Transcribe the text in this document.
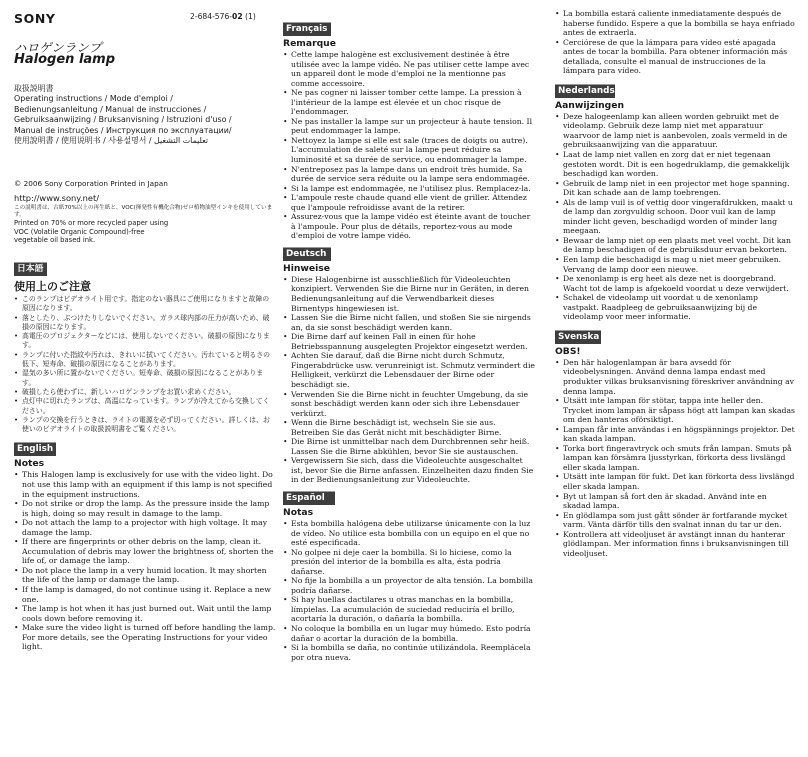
SONY	2-684-576-02 (1)
ハロゲンランプ
Halogen lamp
取扱説明書
Operating instructions / Mode d'emploi /
Bedienungsanleitung / Manual de instrucciones /
Gebruiksaanwijzing / Bruksanvisning / Istruzioni d'uso /
Manual de instruções / Инструкция по эксплуатации/
使用說明書 / 使用说明书 / 사용설명서 / تعليمات التشغيل
© 2006 Sony Corporation Printed in Japan
http://www.sony.net/
この説明書は、古紙70%以上の再生紙と、VOC(揮発性有機化合物)ゼロ植物油型インキを使用しています。
Printed on 70% or more recycled paper using
VOC (Volatile Organic Compound)-free
vegetable oil based ink.
日本語
使用上のご注意
• このランプはビデオライト用です。指定のない器具にご使用になりますと故障の原因になります。
• 落としたり、ぶつけたりしないでください。ガラス球内部の圧力が高いため、破損の原因になります。
• 高電圧のプロジェクターなどには、使用しないでください。破損の原因になります。
• ランプに付いた指紋や汚れは、きれいに拭いてください。汚れていると明るさの低下、短寿命、破損の原因になることがあります。
• 湿気の多い所に置かないでください。短寿命、破損の原因になることがあります。
• 破損したら使わずに、新しいハロゲンランプをお買い求めください。
• 点灯中に切れたランプは、高温になっています。ランプが冷えてから交換してください。
• ランプの交換を行うときは、ライトの電源を必ず切ってください。詳しくは、お使いのビデオライトの取扱説明書をご覧ください。
English
Notes
• This Halogen lamp is exclusively for use with the video light. Do not use this lamp with an equipment if this lamp is not specified in the equipment instructions.
• Do not strike or drop the lamp. As the pressure inside the lamp is high, doing so may result in damage to the lamp.
• Do not attach the lamp to a projector with high voltage. It may damage the lamp.
• If there are fingerprints or other debris on the lamp, clean it. Accumulation of debris may lower the brightness of, shorten the life of, or damage the lamp.
• Do not place the lamp in a very humid location. It may shorten the life of the lamp or damage the lamp.
• If the lamp is damaged, do not continue using it. Replace a new one.
• The lamp is hot when it has just burned out. Wait until the lamp cools down before removing it.
• Make sure the video light is turned off before handling the lamp. For more details, see the Operating Instructions for your video light.
Français
Remarque
• Cette lampe halogène est exclusivement destinée à être utilisée avec la lampe vidéo. Ne pas utiliser cette lampe avec un appareil dont le mode d'emploi ne la mentionne pas comme accessoire.
• Ne pas cogner ni laisser tomber cette lampe. La pression à l'intérieur de la lampe est élevée et un choc risque de l'endommager.
• Ne pas installer la lampe sur un projecteur à haute tension. Il peut endommager la lampe.
• Nettoyez la lampe si elle est sale (traces de doigts ou autre). L'accumulation de saleté sur la lampe peut réduire sa luminosité et sa durée de service, ou endommager la lampe.
• N'entreposez pas la lampe dans un endroit très humide. Sa durée de service sera réduite ou la lampe sera endommagée.
• Si la lampe est endommagée, ne l'utilisez plus. Remplacez-la.
• L'ampoule reste chaude quand elle vient de griller. Attendez que l'ampoule refroidisse avant de la retirer.
• Assurez-vous que la lampe vidéo est éteinte avant de toucher à l'ampoule. Pour plus de détails, reportez-vous au mode d'emploi de votre lampe vidéo.
Deutsch
Hinweise
• Diese Halogenbirne ist ausschließlich für Videoleuchten konzipiert. Verwenden Sie die Birne nur in Geräten, in deren Bedienungsanleitung auf die Verwendbarkeit dieses Birnentyps hingewiesen ist.
• Lassen Sie die Birne nicht fallen, und stoßen Sie sie nirgends an, da sie sonst beschädigt werden kann.
• Die Birne darf auf keinen Fall in einen für hohe Betriebsspannung ausgelegten Projektor eingesetzt werden.
• Achten Sie darauf, daß die Birne nicht durch Schmutz, Fingerabdrücke usw. verunreinigt ist. Schmutz vermindert die Helligkeit, verkürzt die Lebensdauer der Birne oder beschädigt sie.
• Verwenden Sie die Birne nicht in feuchter Umgebung, da sie sonst beschädigt werden kann oder sich ihre Lebensdauer verkürzt.
• Wenn die Birne beschädigt ist, wechseln Sie sie aus. Betreiben Sie das Gerät nicht mit beschädigter Birne.
• Die Birne ist unmittelbar nach dem Durchbrennen sehr heiß. Lassen Sie die Birne abkühlen, bevor Sie sie austauschen.
• Vergewissern Sie sich, dass die Videoleuchte ausgeschaltet ist, bevor Sie die Birne anfassen. Einzelheiten dazu finden Sie in der Bedienungsanleitung zur Videoleuchte.
Español
Notas
• Esta bombilla halógena debe utilizarse únicamente con la luz de vídeo. No utilice esta bombilla con un equipo en el que no esté especificada.
• No golpee ni deje caer la bombilla. Si lo hiciese, como la presión del interior de la bombilla es alta, ésta podría dañarse.
• No fije la bombilla a un proyector de alta tensión. La bombilla podría dañarse.
• Si hay huellas dactilares u otras manchas en la bombilla, límpielas. La acumulación de suciedad reduciría el brillo, acortaría la duración, o dañaría la bombilla.
• No coloque la bombilla en un lugar muy húmedo. Esto podría dañar o acortar la duración de la bombilla.
• Si la bombilla se daña, no continúe utilizándola. Reemplácela por otra nueva.
• La bombilla estará caliente inmediatamente después de haberse fundido. Espere a que la bombilla se haya enfriado antes de extraerla.
• Cerciórese de que la lámpara para vídeo esté apagada antes de tocar la bombilla. Para obtener información más detallada, consulte el manual de instrucciones de la lámpara para vídeo.
Nederlands
Aanwijzingen
• Deze halogeenlamp kan alleen worden gebruikt met de videolamp. Gebruik deze lamp niet met apparatuur waarvoor de lamp niet is aanbevolen, zoals vermeld in de gebruiksaanwijzing van die apparatuur.
• Laat de lamp niet vallen en zorg dat er niet tegenaan gestoten wordt. Dit is een hogedruklamp, die gemakkelijk beschadigd kan worden.
• Gebruik de lamp niet in een projector met hoge spanning. Dit kan schade aan de lamp toebrengen.
• Als de lamp vuil is of vettig door vingerafdrukken, maakt u de lamp dan zorgvuldig schoon. Door vuil kan de lamp minder licht geven, beschadigd worden of minder lang meegaan.
• Bewaar de lamp niet op een plaats met veel vocht. Dit kan de lamp beschadigen of de gebruiksduur ervan bekorten.
• Een lamp die beschadigd is mag u niet meer gebruiken. Vervang de lamp door een nieuwe.
• De xenonlamp is erg heet als deze net is doorgebrand. Wacht tot de lamp is afgekoeld voordat u deze verwijdert.
• Schakel de videolamp uit voordat u de xenonlamp vastpakt. Raadpleeg de gebruiksaanwijzing bij de videolamp voor meer informatie.
Svenska
OBS!
• Den här halogenlampan är bara avsedd för videobelysningen. Använd denna lampa endast med produkter vilkas bruksanvisning föreskriver användning av denna lampa.
• Utsätt inte lampan för stötar, tappa inte heller den. Trycket inom lampan är såpass högt att lampan kan skadas om den hanteras oförsiktigt.
• Lampan får inte användas i en högspännings projektor. Det kan skada lampan.
• Torka bort fingeravtryck och smuts från lampan. Smuts på lampan kan försämra ljusstyrkan, förkorta dess livslängd eller skada lampan.
• Utsätt inte lampan för fukt. Det kan förkorta dess livslängd eller skada lampan.
• Byt ut lampan så fort den är skadad. Använd inte en skadad lampa.
• En glödlampa som just gått sönder är fortfarande mycket varm. Vänta därför tills den svalnat innan du tar ur den.
• Kontrollera att videoljuset är avstängt innan du hanterar glödlampan. Mer information finns i bruksanvisningen till videoljuset.
